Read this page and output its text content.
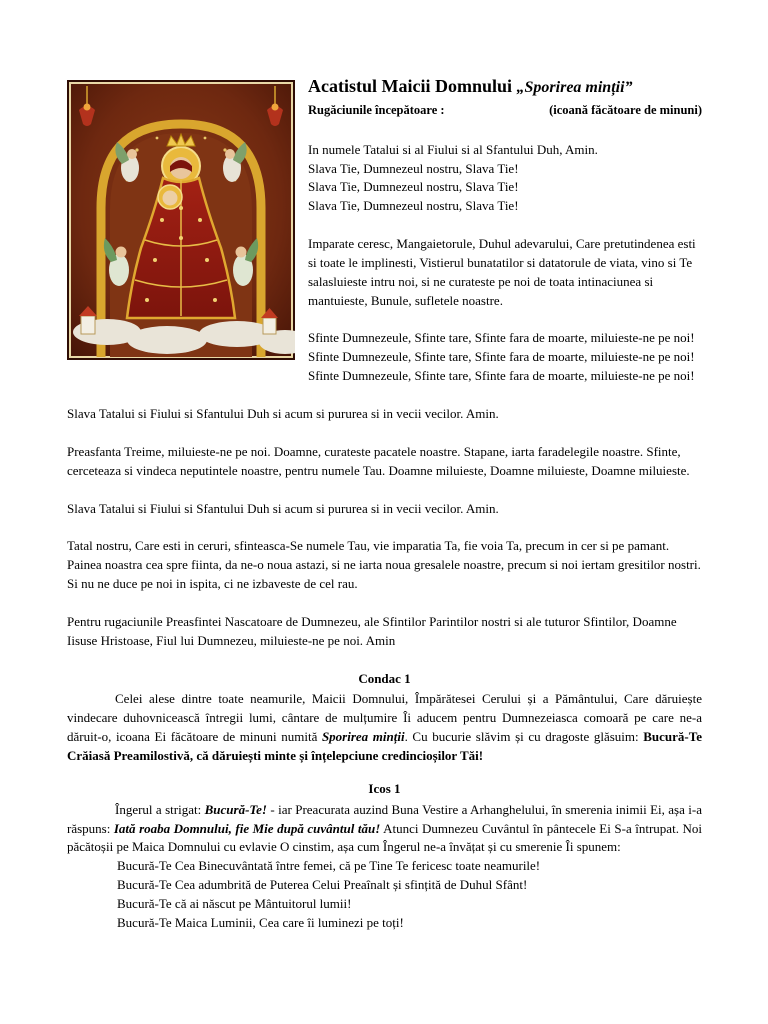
Acatistul Maicii Domnului „Sporirea minții”
Rugăciunile începătoare :	(icoană făcătoare de minuni)
In numele Tatalui si al Fiului si al Sfantului Duh, Amin.
Slava Tie, Dumnezeul nostru, Slava Tie!
Slava Tie, Dumnezeul nostru, Slava Tie!
Slava Tie, Dumnezeul nostru, Slava Tie!

Imparate ceresc, Mangaietorule, Duhul adevarului, Care pretutindenea esti si toate le implinesti, Vistierul bunatatilor si datatorule de viata, vino si Te salasluieste intru noi, si ne curateste pe noi de toata intinaciunea si mantuieste, Bunule, sufletele noastre.

Sfinte Dumnezeule, Sfinte tare, Sfinte fara de moarte, miluieste-ne pe noi! Sfinte Dumnezeule, Sfinte tare, Sfinte fara de moarte, miluieste-ne pe noi! Sfinte Dumnezeule, Sfinte tare, Sfinte fara de moarte, miluieste-ne pe noi!

Slava Tatalui si Fiului si Sfantului Duh si acum si pururea si in vecii vecilor. Amin.

Preasfanta Treime, miluieste-ne pe noi. Doamne, curateste pacatele noastre. Stapane, iarta faradelegile noastre. Sfinte, cerceteaza si vindeca neputintele noastre, pentru numele Tau. Doamne miluieste, Doamne miluieste, Doamne miluieste.

Slava Tatalui si Fiului si Sfantului Duh si acum si pururea si in vecii vecilor. Amin.

Tatal nostru, Care esti in ceruri, sfinteasca-Se numele Tau, vie imparatia Ta, fie voia Ta, precum in cer si pe pamant. Painea noastra cea spre fiinta, da ne-o noua astazi, si ne iarta noua gresalele noastre, precum si noi iertam gresitilor nostri. Si nu ne duce pe noi in ispita, ci ne izbaveste de cel rau.

Pentru rugaciunile Preasfintei Nascatoare de Dumnezeu, ale Sfintilor Parintilor nostri si ale tuturor Sfintilor, Doamne Iisuse Hristoase, Fiul lui Dumnezeu, miluieste-ne pe noi. Amin

Condac 1

Celei alese dintre toate neamurile, Maicii Domnului, Împărătesei Cerului și a Pământului, Care dăruiește vindecare duhovnicească întregii lumi, cântare de mulțumire Îi aducem pentru Dumnezeiasca comoară pe care ne-a dăruit-o, icoana Ei făcătoare de minuni numită Sporirea minții. Cu bucurie slăvim și cu dragoste glăsuim: Bucură-Te Crăiasă Preamilostivă, că dăruiești minte și înțelepciune credincioșilor Tăi!

Icos 1

Îngerul a strigat: Bucură-Te! - iar Preacurata auzind Buna Vestire a Arhanghelului, în smerenia inimii Ei, așa i-a răspuns: Iată roaba Domnului, fie Mie după cuvântul tău! Atunci Dumnezeu Cuvântul în pântecele Ei S-a întrupat. Noi păcătoșii pe Maica Domnului cu evlavie O cinstim, așa cum Îngerul ne-a învățat și cu smerenie Îi spunem:

Bucură-Te Cea Binecuvântată între femei, că pe Tine Te fericesc toate neamurile!
Bucură-Te Cea adumbrită de Puterea Celui Preaînalt și sfințită de Duhul Sfânt!
Bucură-Te că ai născut pe Mântuitorul lumii!
Bucură-Te Maica Luminii, Cea care îi luminezi pe toți!
